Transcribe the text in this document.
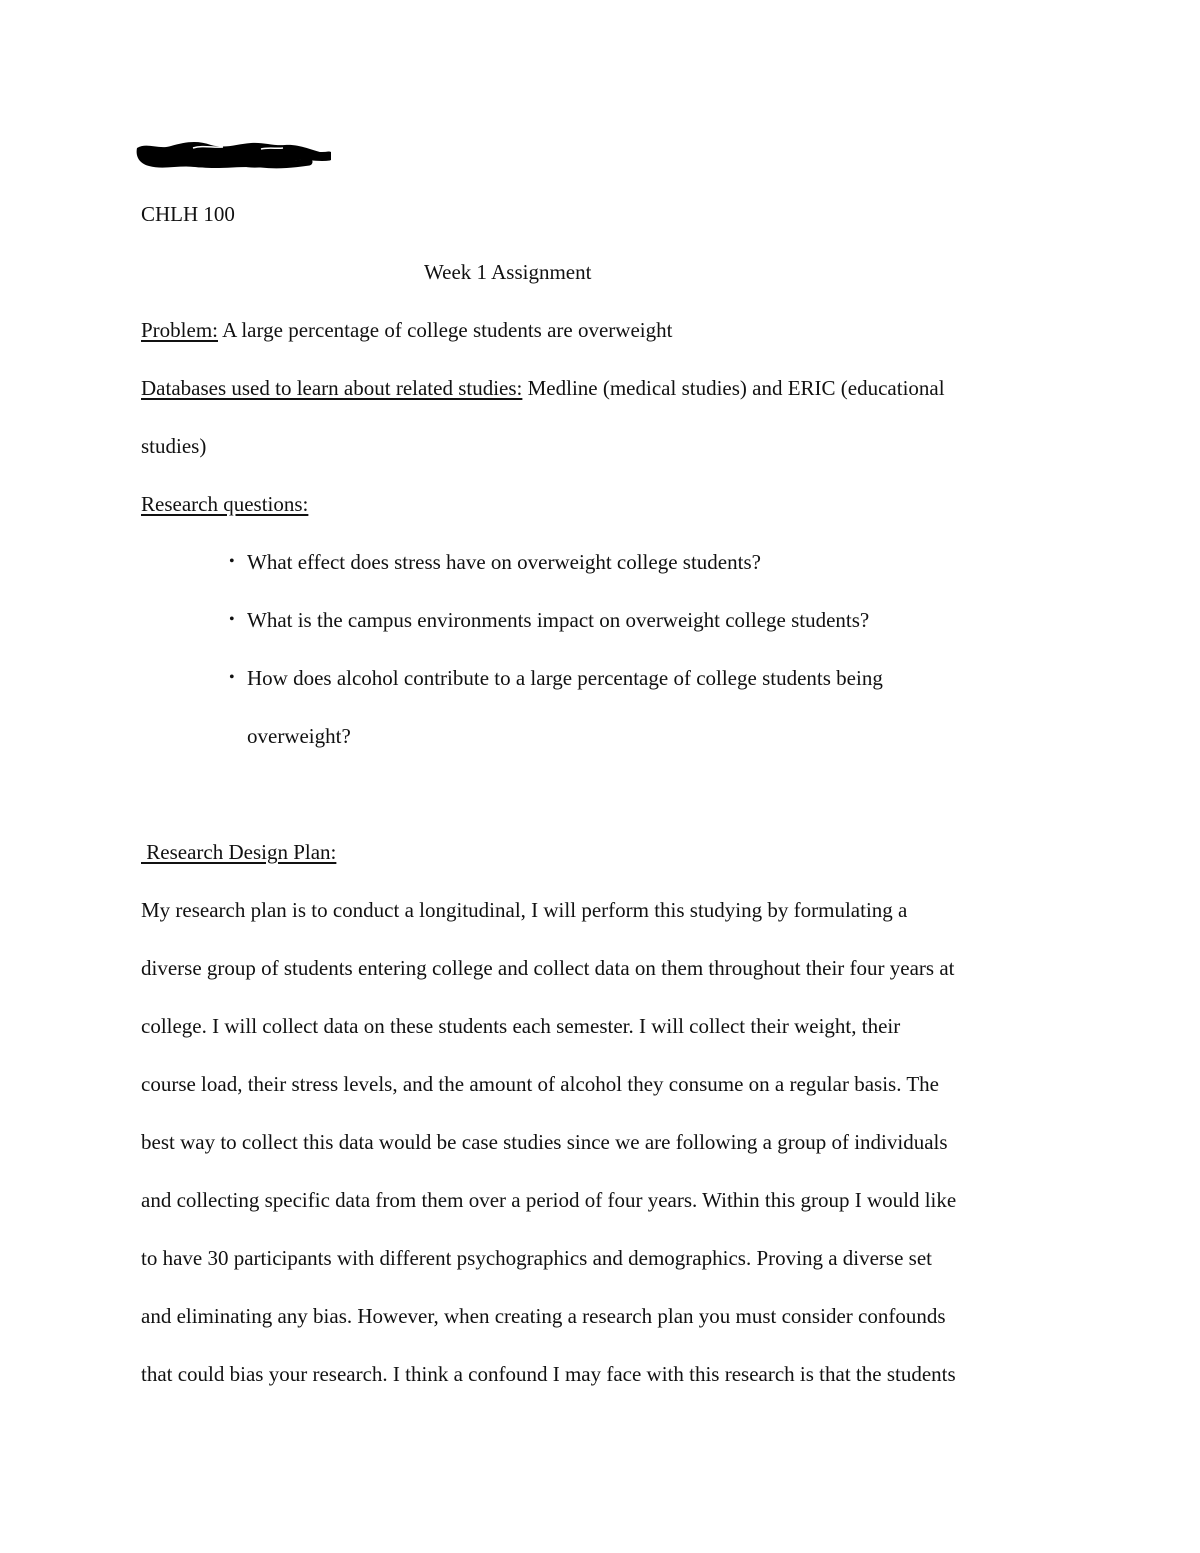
CHLH 100
Week 1 Assignment
Problem: A large percentage of college students are overweight
Databases used to learn about related studies: Medline (medical studies) and ERIC (educational
studies)
Research questions:
• What effect does stress have on overweight college students?
• What is the campus environments impact on overweight college students?
• How does alcohol contribute to a large percentage of college students being
overweight?
Research Design Plan:
My research plan is to conduct a longitudinal, I will perform this studying by formulating a
diverse group of students entering college and collect data on them throughout their four years at
college. I will collect data on these students each semester. I will collect their weight, their
course load, their stress levels, and the amount of alcohol they consume on a regular basis. The
best way to collect this data would be case studies since we are following a group of individuals
and collecting specific data from them over a period of four years. Within this group I would like
to have 30 participants with different psychographics and demographics. Proving a diverse set
and eliminating any bias. However, when creating a research plan you must consider confounds
that could bias your research. I think a confound I may face with this research is that the students
